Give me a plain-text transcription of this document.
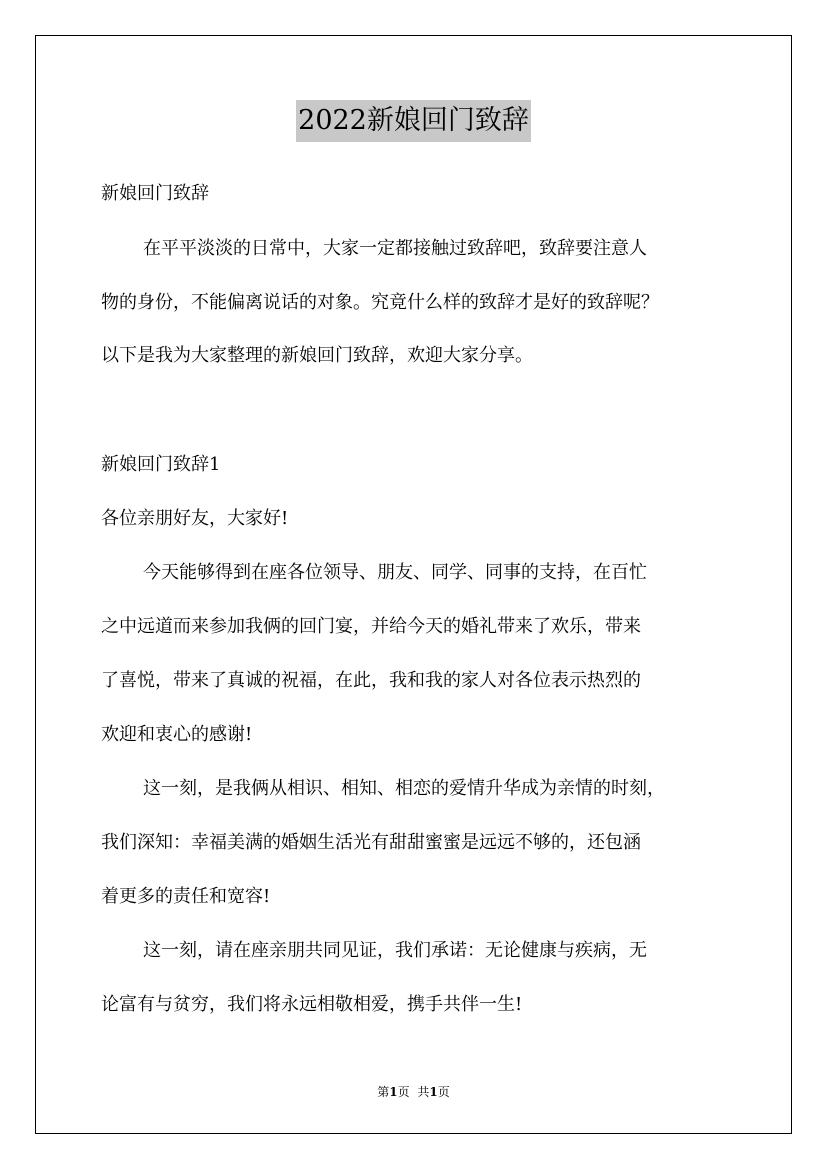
2022新娘回门致辞
新娘回门致辞
在平平淡淡的日常中，大家一定都接触过致辞吧，致辞要注意人
物的身份，不能偏离说话的对象。究竟什么样的致辞才是好的致辞呢？
以下是我为大家整理的新娘回门致辞，欢迎大家分享。
新娘回门致辞1
各位亲朋好友，大家好!
今天能够得到在座各位领导、朋友、同学、同事的支持，在百忙
之中远道而来参加我俩的回门宴，并给今天的婚礼带来了欢乐，带来
了喜悦，带来了真诚的祝福，在此，我和我的家人对各位表示热烈的
欢迎和衷心的感谢!
这一刻，是我俩从相识、相知、相恋的爱情升华成为亲情的时刻，
我们深知：幸福美满的婚姻生活光有甜甜蜜蜜是远远不够的，还包涵
着更多的责任和宽容!
这一刻，请在座亲朋共同见证，我们承诺：无论健康与疾病，无
论富有与贫穷，我们将永远相敬相爱，携手共伴一生!
第1页 共1页
